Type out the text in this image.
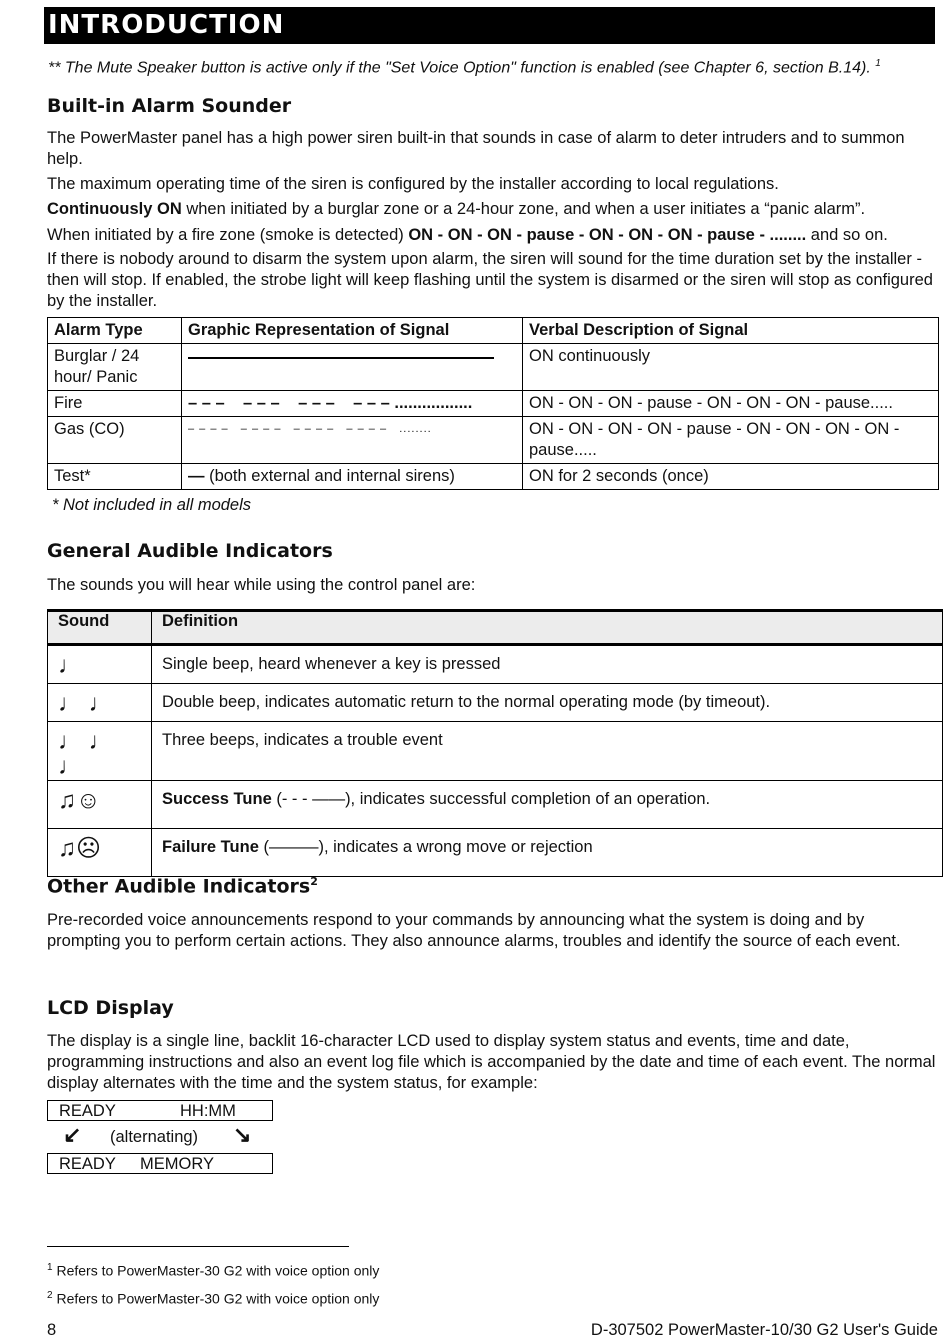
INTRODUCTION
** The Mute Speaker button is active only if the "Set Voice Option" function is enabled (see Chapter 6, section B.14). $^1$
Built-in Alarm Sounder

The PowerMaster panel has a high power siren built-in that sounds in case of alarm to deter intruders and to summon help.

The maximum operating time of the siren is configured by the installer according to local regulations.

Continuously ON when initiated by a burglar zone or a 24-hour zone, and when a user initiates a “panic alarm”.

When initiated by a fire zone (smoke is detected) ON - ON - ON - pause - ON - ON - ON - pause - ........ and so on.

If there is nobody around to disarm the system upon alarm, the siren will sound for the time duration set by the installer - then will stop. If enabled, the strobe light will keep flashing until the system is disarmed or the siren will stop as configured by the installer.

Alarm Type	Graphic Representation of Signal	Verbal Description of Signal
Burglar / 24 hour/ Panic		ON continuously
Fire	– – –    – – –    – – –    – – – .................	ON - ON - ON - pause - ON - ON - ON - pause.....
Gas (CO)	– – – –   – – – –   – – – –   – – – –   ........	ON - ON - ON - ON - pause - ON - ON - ON - ON - pause.....
Test*	— (both external and internal sirens)	ON for 2 seconds (once)
* Not included in all models
General Audible Indicators

The sounds you will hear while using the control panel are:

Sound	Definition
♩	Single beep, heard whenever a key is pressed
♩ ♩	Double beep, indicates automatic return to the normal operating mode (by timeout).
♩ ♩ ♩	Three beeps, indicates a trouble event
♫☺	Success Tune (- - - ——), indicates successful completion of an operation.
♫☹	Failure Tune (———), indicates a wrong move or rejection
Other Audible Indicators$^2$

Pre-recorded voice announcements respond to your commands by announcing what the system is doing and by prompting you to perform certain actions. They also announce alarms, troubles and identify the source of each event.

LCD Display

The display is a single line, backlit 16-character LCD used to display system status and events, time and date, programming instructions and also an event log file which is accompanied by the date and time of each event. The normal display alternates with the time and the system status, for example:

READY	HH:MM
↙ (alternating) ↘
READY MEMORY
$^1$ Refers to PowerMaster-30 G2 with voice option only
$^2$ Refers to PowerMaster-30 G2 with voice option only
8	D-307502 PowerMaster-10/30 G2 User's Guide
